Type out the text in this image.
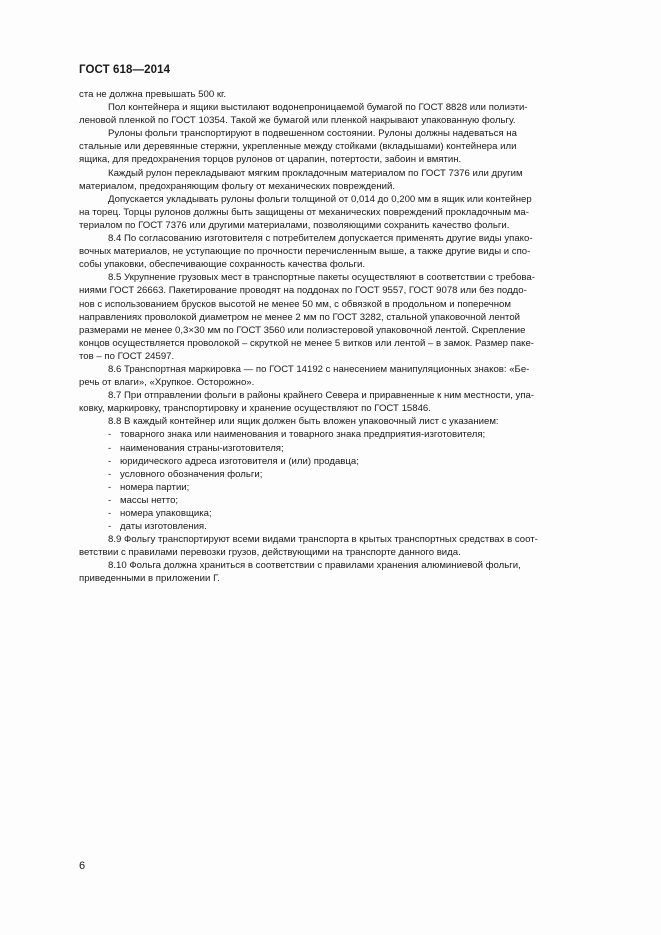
ГОСТ 618—2014

ста не должна превышать 500 кг.

Пол контейнера и ящики выстилают водонепроницаемой бумагой по ГОСТ 8828 или полиэти-
леновой пленкой по ГОСТ 10354. Такой же бумагой или пленкой накрывают упакованную фольгу.

Рулоны фольги транспортируют в подвешенном состоянии. Рулоны должны надеваться на
стальные или деревянные стержни, укрепленные между стойками (вкладышами) контейнера или
ящика, для предохранения торцов рулонов от царапин, потертости, забоин и вмятин.

Каждый рулон перекладывают мягким прокладочным материалом по ГОСТ 7376 или другим
материалом, предохраняющим фольгу от механических повреждений.

Допускается укладывать рулоны фольги толщиной от 0,014 до 0,200 мм в ящик или контейнер
на торец. Торцы рулонов должны быть защищены от механических повреждений прокладочным ма-
териалом по ГОСТ 7376 или другими материалами, позволяющими сохранить качество фольги.

8.4 По согласованию изготовителя с потребителем допускается применять другие виды упако-
вочных материалов, не уступающие по прочности перечисленным выше, а также другие виды и спо-
собы упаковки, обеспечивающие сохранность качества фольги.

8.5 Укрупнение грузовых мест в транспортные пакеты осуществляют в соответствии с требова-
ниями ГОСТ 26663. Пакетирование проводят на поддонах по ГОСТ 9557, ГОСТ 9078 или без поддо-
нов с использованием брусков высотой не менее 50 мм, с обвязкой в продольном и поперечном
направлениях проволокой диаметром не менее 2 мм по ГОСТ 3282, стальной упаковочной лентой
размерами не менее 0,3×30 мм по ГОСТ 3560 или полиэстеровой упаковочной лентой. Скрепление
концов осуществляется проволокой – скруткой не менее 5 витков или лентой – в замок. Размер паке-
тов – по ГОСТ 24597.

8.6 Транспортная маркировка — по ГОСТ 14192 с нанесением манипуляционных знаков: «Бе-
речь от влаги», «Хрупкое. Осторожно».

8.7 При отправлении фольги в районы крайнего Севера и приравненные к ним местности, упа-
ковку, маркировку, транспортировку и хранение осуществляют по ГОСТ 15846.

8.8 В каждый контейнер или ящик должен быть вложен упаковочный лист с указанием:

- товарного знака или наименования и товарного знака предприятия-изготовителя;
- наименования страны-изготовителя;
- юридического адреса изготовителя и (или) продавца;
- условного обозначения фольги;
- номера партии;
- массы нетто;
- номера упаковщика;
- даты изготовления.

8.9 Фольгу транспортируют всеми видами транспорта в крытых транспортных средствах в соот-
ветствии с правилами перевозки грузов, действующими на транспорте данного вида.

8.10 Фольга должна храниться в соответствии с правилами хранения алюминиевой фольги,
приведенными в приложении Г.

6
